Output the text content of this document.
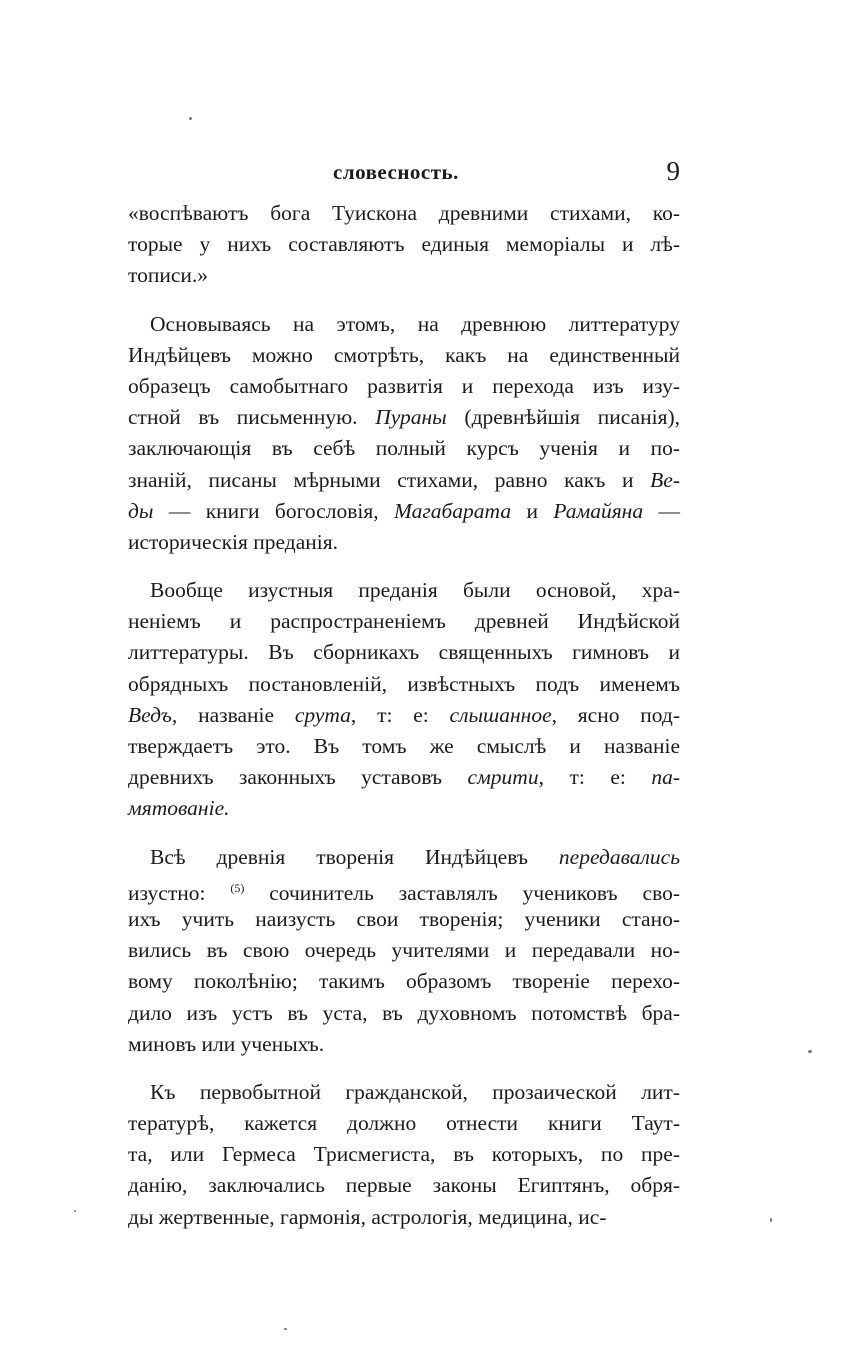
словесность.	9
«воспѣваютъ бога Туискона древними стихами, ко-
торые у нихъ составляютъ единыя меморіалы и лѣ-
тописи.»
Основываясь на этомъ, на древнюю литтературу
Индѣйцевъ можно смотрѣть, какъ на единственный
образецъ самобытнаго развитія и перехода изъ изу-
стной въ письменную. Пураны (древнѣйшія писанія),
заключающія въ себѣ полный курсъ ученія и по-
знаній, писаны мѣрными стихами, равно какъ и Ве-
ды — книги богословія, Магабарата и Рамайяна —
историческія преданія.
Вообще изустныя преданія были основой, хра-
неніемъ и распространеніемъ древней Индѣйской
литтературы. Въ сборникахъ священныхъ гимновъ и
обрядныхъ постановленій, извѣстныхъ подъ именемъ
Ведъ, названіе срута, т: е: слышанное, ясно под-
тверждаетъ это. Въ томъ же смыслѣ и названіе
древнихъ законныхъ уставовъ смрити, т: е: па-
мятованіе.
Всѣ древнія творенія Индѣйцевъ передавались
изустно: $^{(5)}$ сочинитель заставлялъ учениковъ сво-
ихъ учить наизусть свои творенія; ученики стано-
вились въ свою очередь учителями и передавали но-
вому поколѣнію; такимъ образомъ твореніе перехо-
дило изъ устъ въ уста, въ духовномъ потомствѣ бра-
миновъ или ученыхъ.
Къ первобытной гражданской, прозаической лит-
тературѣ, кажется должно отнести книги Таут-
та, или Гермеса Трисмегиста, въ которыхъ, по пре-
данію, заключались первые законы Египтянъ, обря-
ды жертвенные, гармонія, астрологія, медицина, ис-
